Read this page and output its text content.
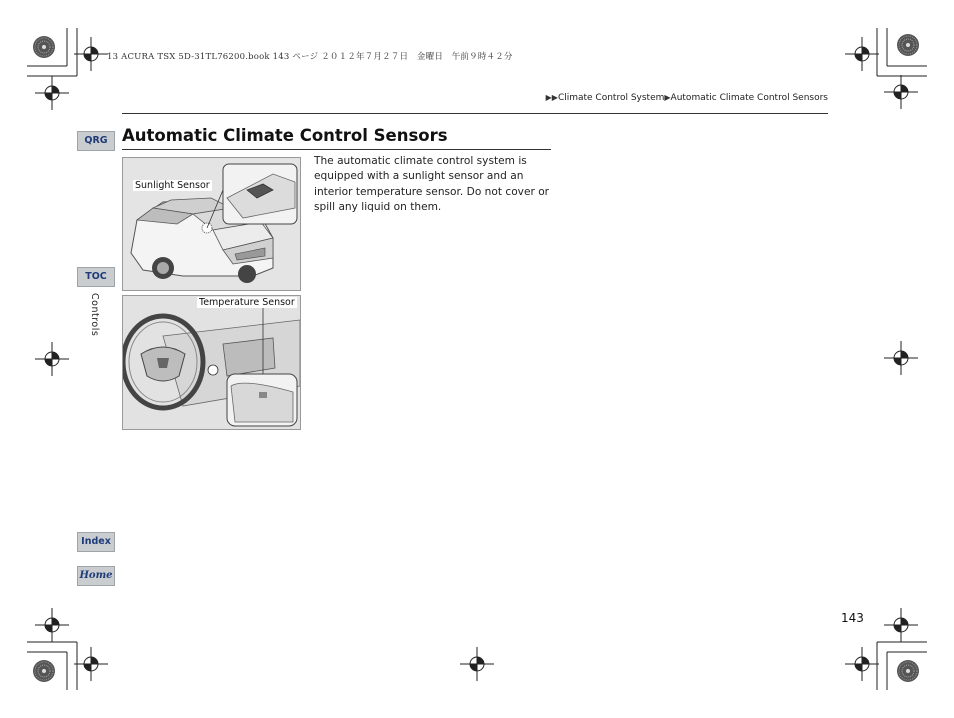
13 ACURA TSX 5D-31TL76200.book 143 ページ ２０１２年７月２７日　金曜日　午前９時４２分
▶▶Climate Control System▶Automatic Climate Control Sensors
Automatic Climate Control Sensors
The automatic climate control system is equipped with a sunlight sensor and an interior temperature sensor. Do not cover or spill any liquid on them.
QRG
TOC
Controls
Index
Home
Sunlight Sensor
Temperature Sensor
143
